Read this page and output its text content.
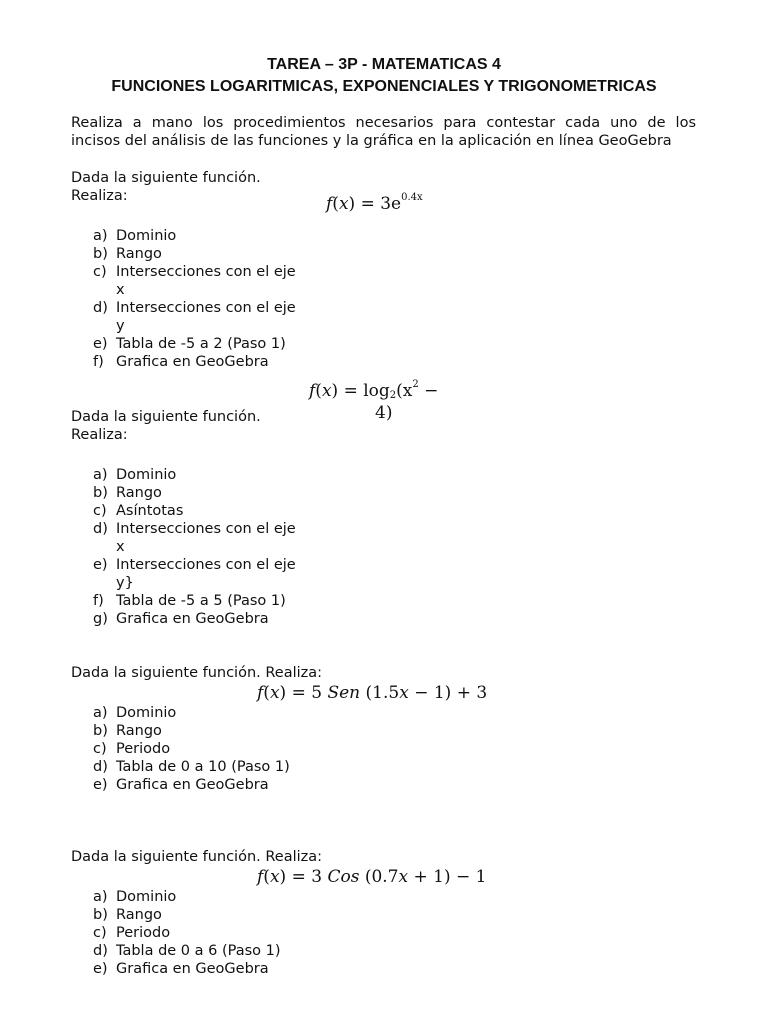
TAREA – 3P - MATEMATICAS 4
FUNCIONES LOGARITMICAS, EXPONENCIALES Y TRIGONOMETRICAS
Realiza a mano los procedimientos necesarios para contestar cada uno de los
incisos del análisis de las funciones y la gráfica en la aplicación en línea GeoGebra
Dada la siguiente función.
Realiza:	$f(x) = 3e^{0.4x}$
a) Dominio
b) Rango
c) Intersecciones con el eje
x
d) Intersecciones con el eje
y
e) Tabla de -5 a 2 (Paso 1)
f) Grafica en GeoGebra
$f(x) = \log_2(x^2$ −
4)
Dada la siguiente función.
Realiza:
a) Dominio
b) Rango
c) Asíntotas
d) Intersecciones con el eje
x
e) Intersecciones con el eje
y}
f) Tabla de -5 a 5 (Paso 1)
g) Grafica en GeoGebra
Dada la siguiente función. Realiza:
f(x) = 5 Sen (1.5x − 1) + 3
a) Dominio
b) Rango
c) Periodo
d) Tabla de 0 a 10 (Paso 1)
e) Grafica en GeoGebra
Dada la siguiente función. Realiza:
f(x) = 3 Cos (0.7x + 1) − 1
a) Dominio
b) Rango
c) Periodo
d) Tabla de 0 a 6 (Paso 1)
e) Grafica en GeoGebra
